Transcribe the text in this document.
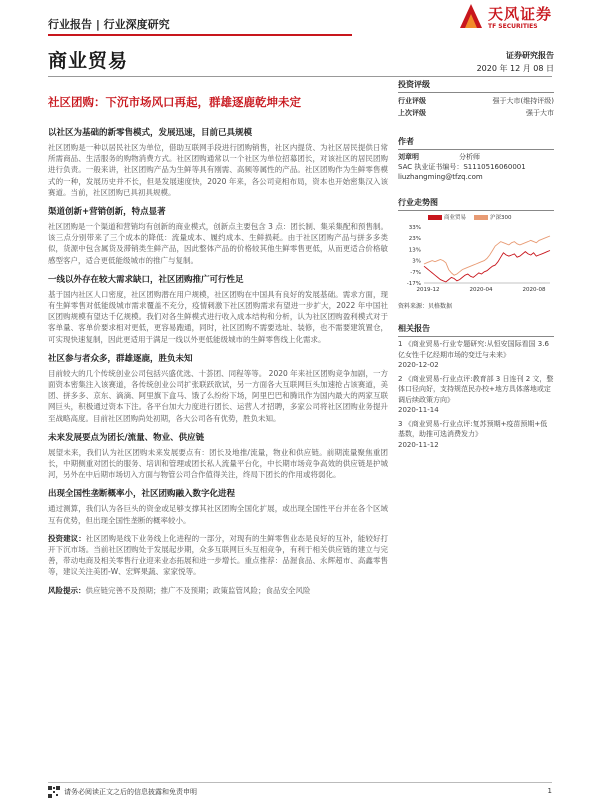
行业报告 | 行业深度研究
天风证券
TF SECURITIES
商业贸易	证券研究报告
2020 年 12 月 08 日
社区团购：下沉市场风口再起，群雄逐鹿乾坤未定
以社区为基础的新零售模式，发展迅速，目前已具规模

社区团购是一种以居民社区为单位，借助互联网手段进行团购销售，社区内提货、为社区居民提供日常所需商品、生活服务的购物消费方式。社区团购通常以一个社区为单位招募团长，对该社区的居民团购进行负责。一般来讲，社区团购产品为生鲜等具有刚需、高频等属性的产品。社区团购作为生鲜零售模式的一种，发展历史并不长，但是发展速度快，2020 年来，各公司竞相布局，资本也开始密集汉入该赛道。当前，社区团购已具初具规模。

渠道创新+营销创新，特点显著

社区团购是一个渠道和营销均有创新的商业模式，创新点主要包含 3 点：团长制、集采集配和预售制。该三点分别带来了三个成本的降低：流量成本、履约成本、生鲜损耗。由于社区团购产品与拼多多类似，货源中包含属货及滞销类生鲜产品，因此整体产品的价格较其他生鲜零售更低，从而更适合价格敏感型客户，适合更低能级城市的推广与复制。

一线以外存在较大需求缺口，社区团购推广可行性足

基于国内社区人口密度，社区团购潜在用户规模，社区团购在中国具有良好的发展基础。需求方面，现有生鲜零售对低能级城市需求覆盖不充分，疫情刺激下社区团购需求有望进一步扩大，2022 年中国社区团购规模有望达千亿规模。我们对各生鲜模式进行收入成本结构和分析，认为社区团购盈利模式对于客单量、客单价要求相对更低，更容易跑通，同时，社区团购不需要选址、装修，也不需要建筑置仓，可实现快速复制，因此更适用于满足一线以外更低能级城市的生鲜零售线上化需求。

社区参与者众多，群雄逐鹿，胜负未知

目前较大的几个传统创业公司包括兴盛优选、十荟团、同程等等。 2020 年来社区团购竞争加剧，一方面资本密集注入该赛道，各传统创业公司扩张联跃欲试，另一方面各大互联网巨头加速抢占该赛道，美团、拼多多、京东、滴滴、阿里旗下盒马、饿了么纷纷下场，阿里巴巴和腾讯作为国内最大的两家互联网巨头，积极通过资本下注。各平台加大力度进行团长、运营人才招聘，多家公司将社区团购业务提升至战略高度。目前社区团购尚处初期，各大公司各有优势，胜负未知。

未来发展要点为团长/流量、物业、供应链

展望未来，我们认为社区团购未来发展要点有：团长及地推/流量，物业和供应链。前期流量聚焦重团长，中期侧重对团长的服务、培训和管理或团长私人流量平台化，中长期市场竞争高效的供应链是护城河，另外在中后期市场切入方面与物管公司合作值得关注，终局下团长的作用或将弱化。

出现全国性垄断概率小，社区团购融入数字化进程

通过测算，我们认为各巨头的资金或足够支撑其社区团购全国化扩展，或出现全国性平台并在各个区域互有优势，但出现全国性垄断的概率较小。

投资建议：社区团购是线下业务线上化进程的一部分，对现有的生鲜零售业态是良好的互补，能较好打开下沉市场。当前社区团购处于发展起步期，众多互联网巨头互相竞争，有利于相关供应链的建立与完善，带动电商及相关零售行业迎来业态拓展和进一步增长。重点推荐：品渥食品、永辉超市、高鑫零售等，建议关注美团-W、宏辉果蔬、家家悦等。

风险提示：供应链完善不及预期；推广不及预期；政策监管风险；食品安全风险

投资评级
行业评级	强于大市(维持评级)
上次评级	强于大市
作者
刘章明	分析师
SAC 执业证书编号：S1110516060001
liuzhangming@tfzq.com
行业走势图
商业贸易	沪深300
33%
23%
13%
3%
-7%
-17%
2019-12	2020-04	2020-08
资料来源：贝格数据
相关报告
1 《商业贸易-行业专题研究:从恒安国际看国 3.6 亿女性千亿经期市场的变迁与未来》
2020-12-02
2 《商业贸易-行业点评:教育部 3 日连刊 2 文，整体口径向好，支持规范民办校+地方具体落地或定调后续政策方向》
2020-11-14
3 《商业贸易-行业点评:复苏预期+疫苗预期+低基数，助推可选消费发力》
2020-11-12
请务必阅读正文之后的信息披露和免责申明	1
